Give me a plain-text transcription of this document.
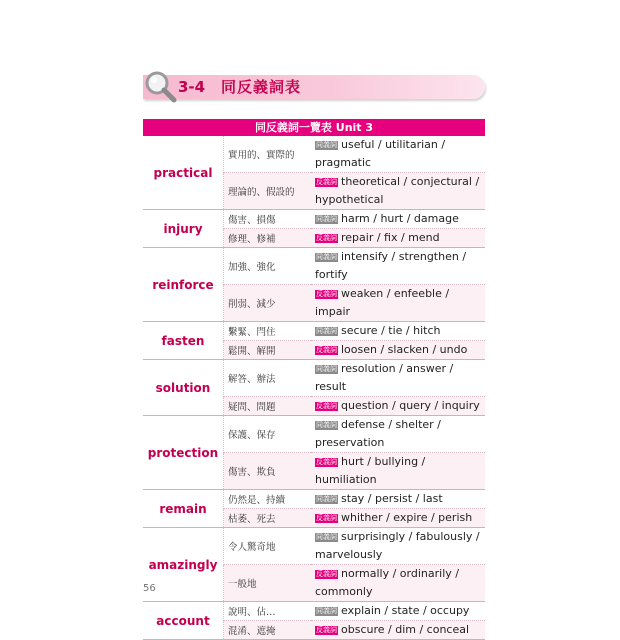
3-4 同反義詞表
同反義詞一覽表 Unit 3
practical	實用的、實際的	同義詞 useful / utilitarian / pragmatic
	理論的、假設的	反義詞 theoretical / conjectural / hypothetical
injury	傷害、損傷	同義詞 harm / hurt / damage
	修理、修補	反義詞 repair / fix / mend
reinforce	加強、強化	同義詞 intensify / strengthen / fortify
	削弱、減少	反義詞 weaken / enfeeble / impair
fasten	繫緊、閂住	同義詞 secure / tie / hitch
	鬆開、解開	反義詞 loosen / slacken / undo
solution	解答、辦法	同義詞 resolution / answer / result
	疑問、問題	反義詞 question / query / inquiry
protection	保護、保存	同義詞 defense / shelter / preservation
	傷害、欺負	反義詞 hurt / bullying / humiliation
remain	仍然是、持續	同義詞 stay / persist / last
	枯萎、死去	反義詞 whither / expire / perish
amazingly	令人驚奇地	同義詞 surprisingly / fabulously / marvelously
	一般地	反義詞 normally / ordinarily / commonly
account	說明、佔…	同義詞 explain / state / occupy
	混淆、遮掩	反義詞 obscure / dim / conceal
56
